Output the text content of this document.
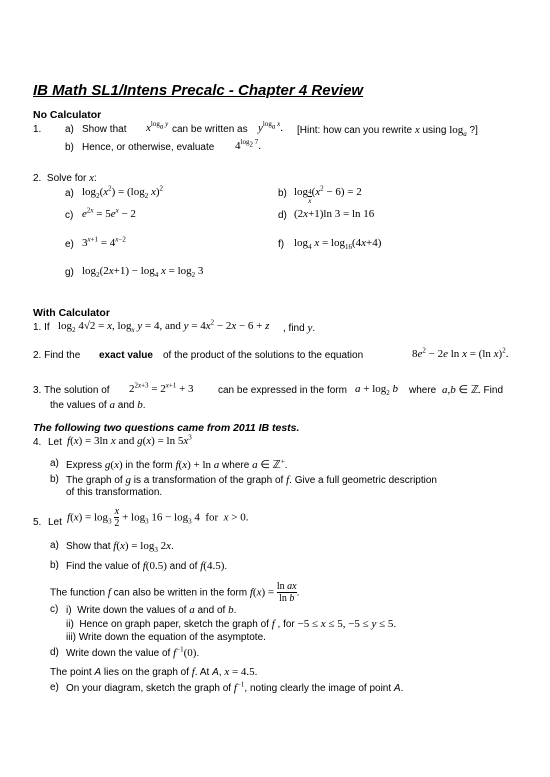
IB Math SL1/Intens Precalc - Chapter 4 Review
No Calculator
1. a) Show that $x^{log_a y}$ can be written as $y^{log_a x}$. [Hint: how can you rewrite x using $\log_a$ ?]
b) Hence, or otherwise, evaluate $4^{log_2 7}$.
2.  Solve for x:
a) $\log_2(x^2) = (\log_2$ x)$^2$	b) log $_{\frac{4}{x}}$ $(x^2 - 6) = 2$
c) $e^{2x} = 5e^x - 2$	d) (2x+1)ln 3 = ln 16
e) $3^{x+1} = 4^{x-2}$	f) $\log_4 x = \log_{16}(4x+4)$
g) $\log_2(2x+1) - \log_4 x = \log_2 3$
With Calculator
1. If $\log_2 4√2 = x$, $\log_x y = 4$, and $y = 4x^2 - 2x - 6 + z$ , find y.
2. Find the exact value of the product of the solutions to the equation	$8e^2 - 2e$ ln x = (ln x)$^2$.
3. The solution of $2^{2x+3} = 2^{x+1} + 3$ can be expressed in the form $a + \log_2 b$ where a,b ∈ ℤ
. Find
the values of a and b.
The following two questions came from 2011 IB tests.
4. Let f(x) = 3ln x and $g(x) = \ln 5x^3$
a) Express g(x) in the form f(x) + ln a where a ∈ ℤ+.
b) The graph of g is a transformation of the graph of f. Give a full geometric description
of this transformation.
5. Let $f(x) = \log_3 \frac{x}{2} + \log_3 16 - \log_3 4$  for  x > 0.
a) Show that $f(x) = \log_3 2x$.
b) Find the value of f(0.5) and of f(4.5).
The function f can also be written in the form $f(x) = \frac{\text{ln ax}}{\text{ln b}}$ .
c) i)  Write down the values of a and of b.
ii)  Hence on graph paper, sketch the graph of f , for −5 ≤ x ≤ 5, −5 ≤ y ≤ 5.
iii) Write down the equation of the asymptote.
d) Write down the value of $f^{-1}(0)$.
The point A lies on the graph of f. At A, x = 4.5.
e) On your diagram, sketch the graph of $f^{-1}$, noting clearly the image of point A.
